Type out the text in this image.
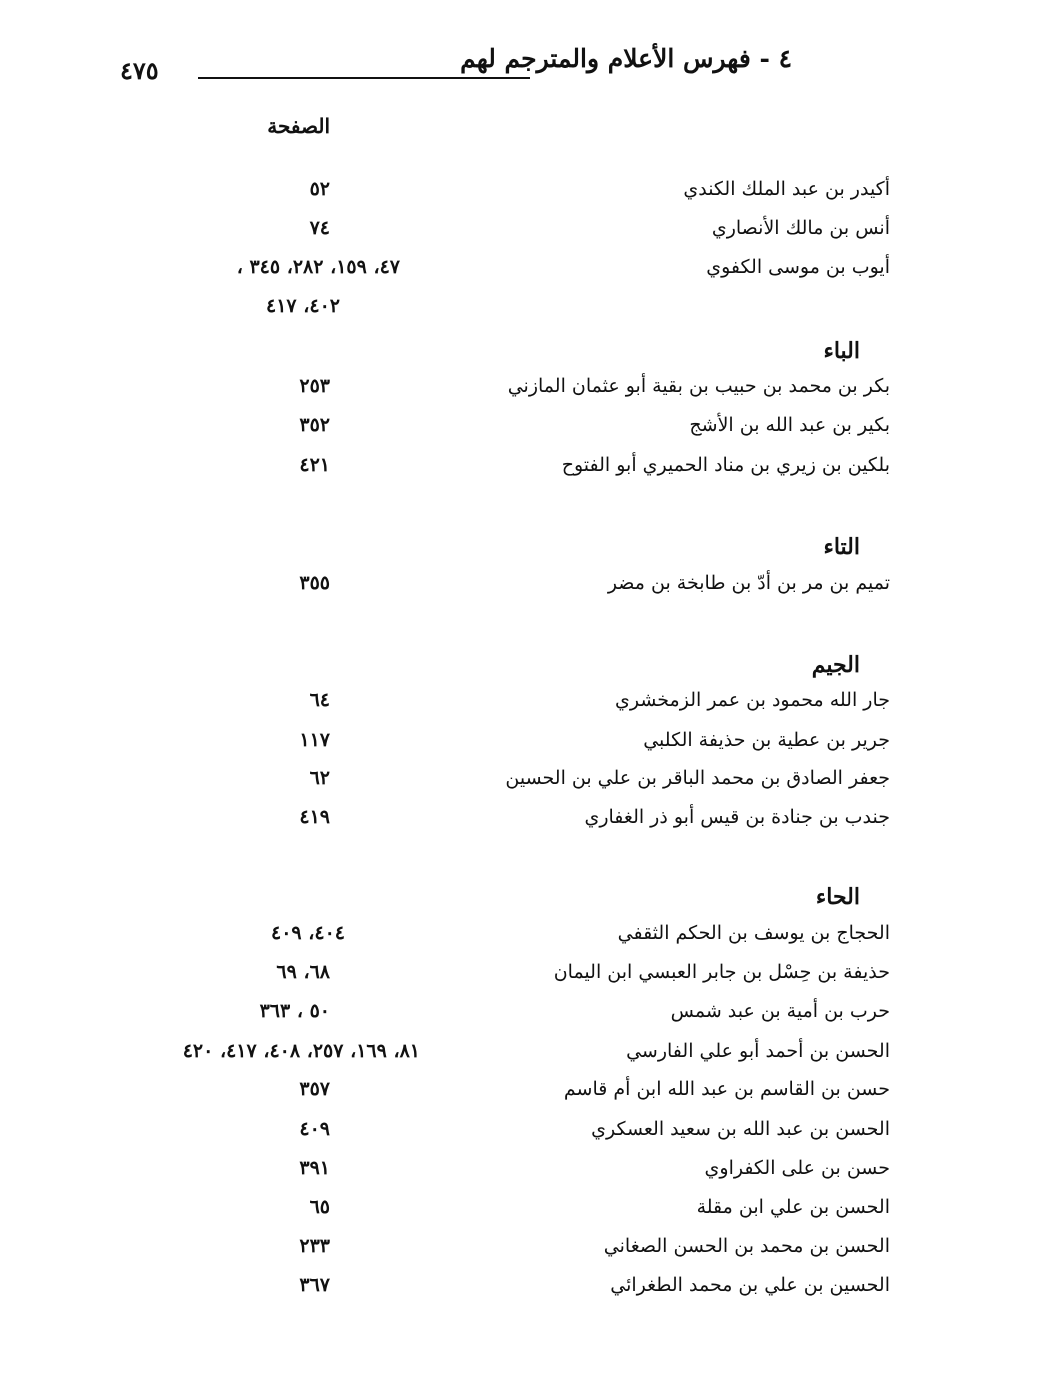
٤ - فهرس الأعلام والمترجم لهم
٤٧٥
الصفحة
أكيدر بن عبد الملك الكندي
٥٢
أنس بن مالك الأنصاري
٧٤
أيوب بن موسى الكفوي
٤٧، ١٥٩، ٢٨٢، ٣٤٥ ،
٤٠٢، ٤١٧
الباء
بكر بن محمد بن حبيب بن بقية أبو عثمان المازني
٢٥٣
بكير بن عبد الله بن الأشج
٣٥٢
بلكين بن زيري بن مناد الحميري أبو الفتوح
٤٢١
التاء
تميم بن مر بن أدّ بن طابخة بن مضر
٣٥٥
الجيم
جار الله محمود بن عمر الزمخشري
٦٤
جرير بن عطية بن حذيفة الكلبي
١١٧
جعفر الصادق بن محمد الباقر بن علي بن الحسين
٦٢
جندب بن جنادة بن قيس أبو ذر الغفاري
٤١٩
الحاء
الحجاج بن يوسف بن الحكم الثقفي
٤٠٤، ٤٠٩
حذيفة بن حِسْل بن جابر العبسي ابن اليمان
٦٨، ٦٩
حرب بن أمية بن عبد شمس
٥٠ ، ٣٦٣
الحسن بن أحمد أبو علي الفارسي
٨١، ١٦٩، ٢٥٧، ٤٠٨، ٤١٧، ٤٢٠
حسن بن القاسم بن عبد الله ابن أم قاسم
٣٥٧
الحسن بن عبد الله بن سعيد العسكري
٤٠٩
حسن بن على الكفراوي
٣٩١
الحسن بن علي ابن مقلة
٦٥
الحسن بن محمد بن الحسن الصغاني
٢٣٣
الحسين بن علي بن محمد الطغرائي
٣٦٧
